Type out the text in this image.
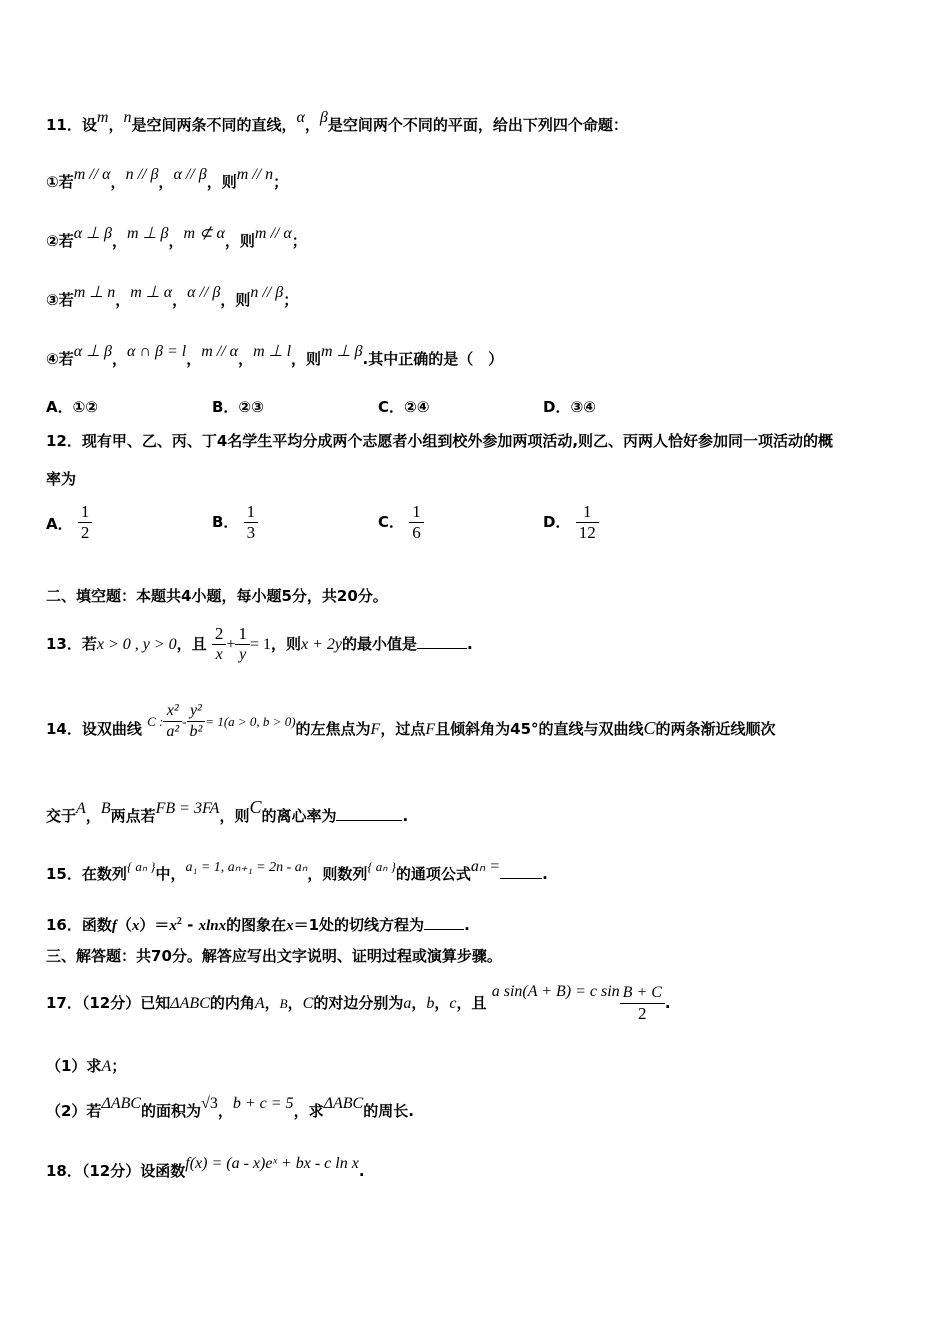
11．设m，n是空间两条不同的直线，α，β是空间两个不同的平面，给出下列四个命题：
①若m // α，n // β，α // β，则m // n；
②若α ⊥ β，m ⊥ β，m ⊄ α，则m // α；
③若m ⊥ n，m ⊥ α，α // β，则n // β；
④若α ⊥ β，α ∩ β = l，m // α，m ⊥ l，则m ⊥ β.其中正确的是（　）
A．①②	B．②③	C．②④	D．③④
12．现有甲、乙、丙、丁4名学生平均分成两个志愿者小组到校外参加两项活动,则乙、丙两人恰好参加同一项活动的概
率为
A． $\frac{1}{2}$	B． $\frac{1}{3}$	C． $\frac{1}{6}$	D． $\frac{1}{12}$
二、填空题：本题共4小题，每小题5分，共20分。
13．若x > 0 , y > 0，且 $\frac{2}{x} + \frac{1}{y} = 1$，则x + 2y的最小值是	.
14．设双曲线 C : $\frac{\text{x²}}{\text{a²}} - \frac{\text{y²}}{\text{b²}} = 1(a > 0$, b > 0)的左焦点为F，过点F且倾斜角为45°的直线与双曲线C的两条渐近线顺次
交于A，B两点若FB = 3FA，则C的离心率为	.
15．在数列{ aₙ }中，a₁ = 1, aₙ₊₁ = 2n - aₙ，则数列{ aₙ }的通项公式aₙ =	.
16．函数$f(x)=x^2 - xlnx$的图象在x＝1处的切线方程为	.
三、解答题：共70分。解答应写出文字说明、证明过程或演算步骤。
17．（12分）已知ΔABC的内角A，B，C的对边分别为a，b，c，且 a sin(A + B) = c $\sin \frac{B + C}{2}$ .
（1）求A；
（2）若ΔABC的面积为√3，b + c = 5，求ΔABC的周长.
18．（12分）设函数f(x) = (a - x)eˣ + bx - c ln x.
